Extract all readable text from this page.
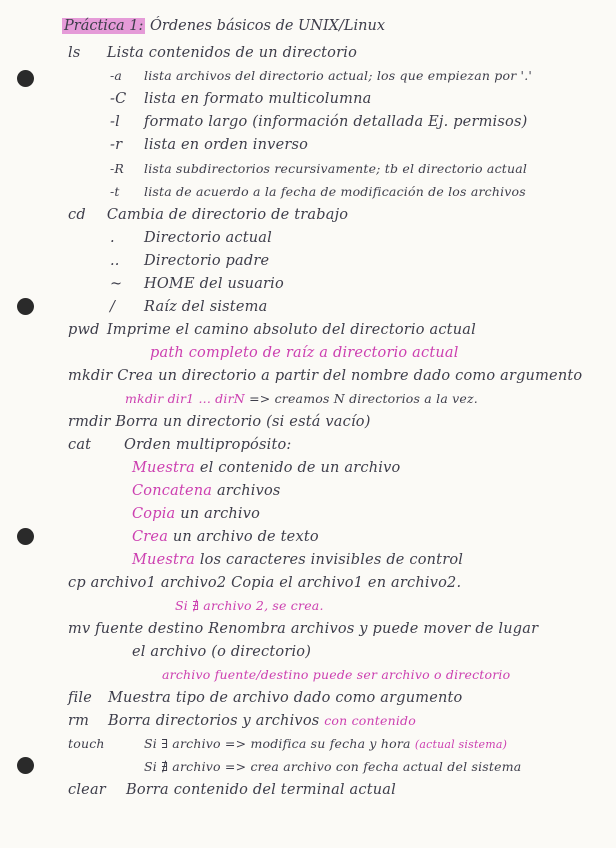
Práctica 1: Órdenes básicos de UNIX/Linux
ls Lista contenidos de un directorio
-a lista archivos del directorio actual; los que empiezan por '.'
-C lista en formato multicolumna
-l formato largo (información detallada Ej. permisos)
-r lista en orden inverso
-R lista subdirectorios recursivamente; tb el directorio actual
-t lista de acuerdo a la fecha de modificación de los archivos
cd Cambia de directorio de trabajo
. Directorio actual
.. Directorio padre
~ HOME del usuario
/ Raíz del sistema
pwd Imprime el camino absoluto del directorio actual
path completo de raíz a directorio actual
mkdir Crea un directorio a partir del nombre dado como argumento
mkdir dir1 ... dirN => creamos N directorios a la vez.
rmdir Borra un directorio (si está vacío)
cat Orden multipropósito:
Muestra el contenido de un archivo
Concatena archivos
Copia un archivo
Crea un archivo de texto
Muestra los caracteres invisibles de control
cp archivo1 archivo2 Copia el archivo1 en archivo2.
Si ∄ archivo 2, se crea.
mv fuente destino Renombra archivos y puede mover de lugar
el archivo (o directorio)
archivo fuente/destino puede ser archivo o directorio
file Muestra tipo de archivo dado como argumento
rm Borra directorios y archivos con contenido
touch	Si ∃ archivo => modifica su fecha y hora (actual sistema)
Si ∄ archivo => crea archivo con fecha actual del sistema
clear Borra contenido del terminal actual
